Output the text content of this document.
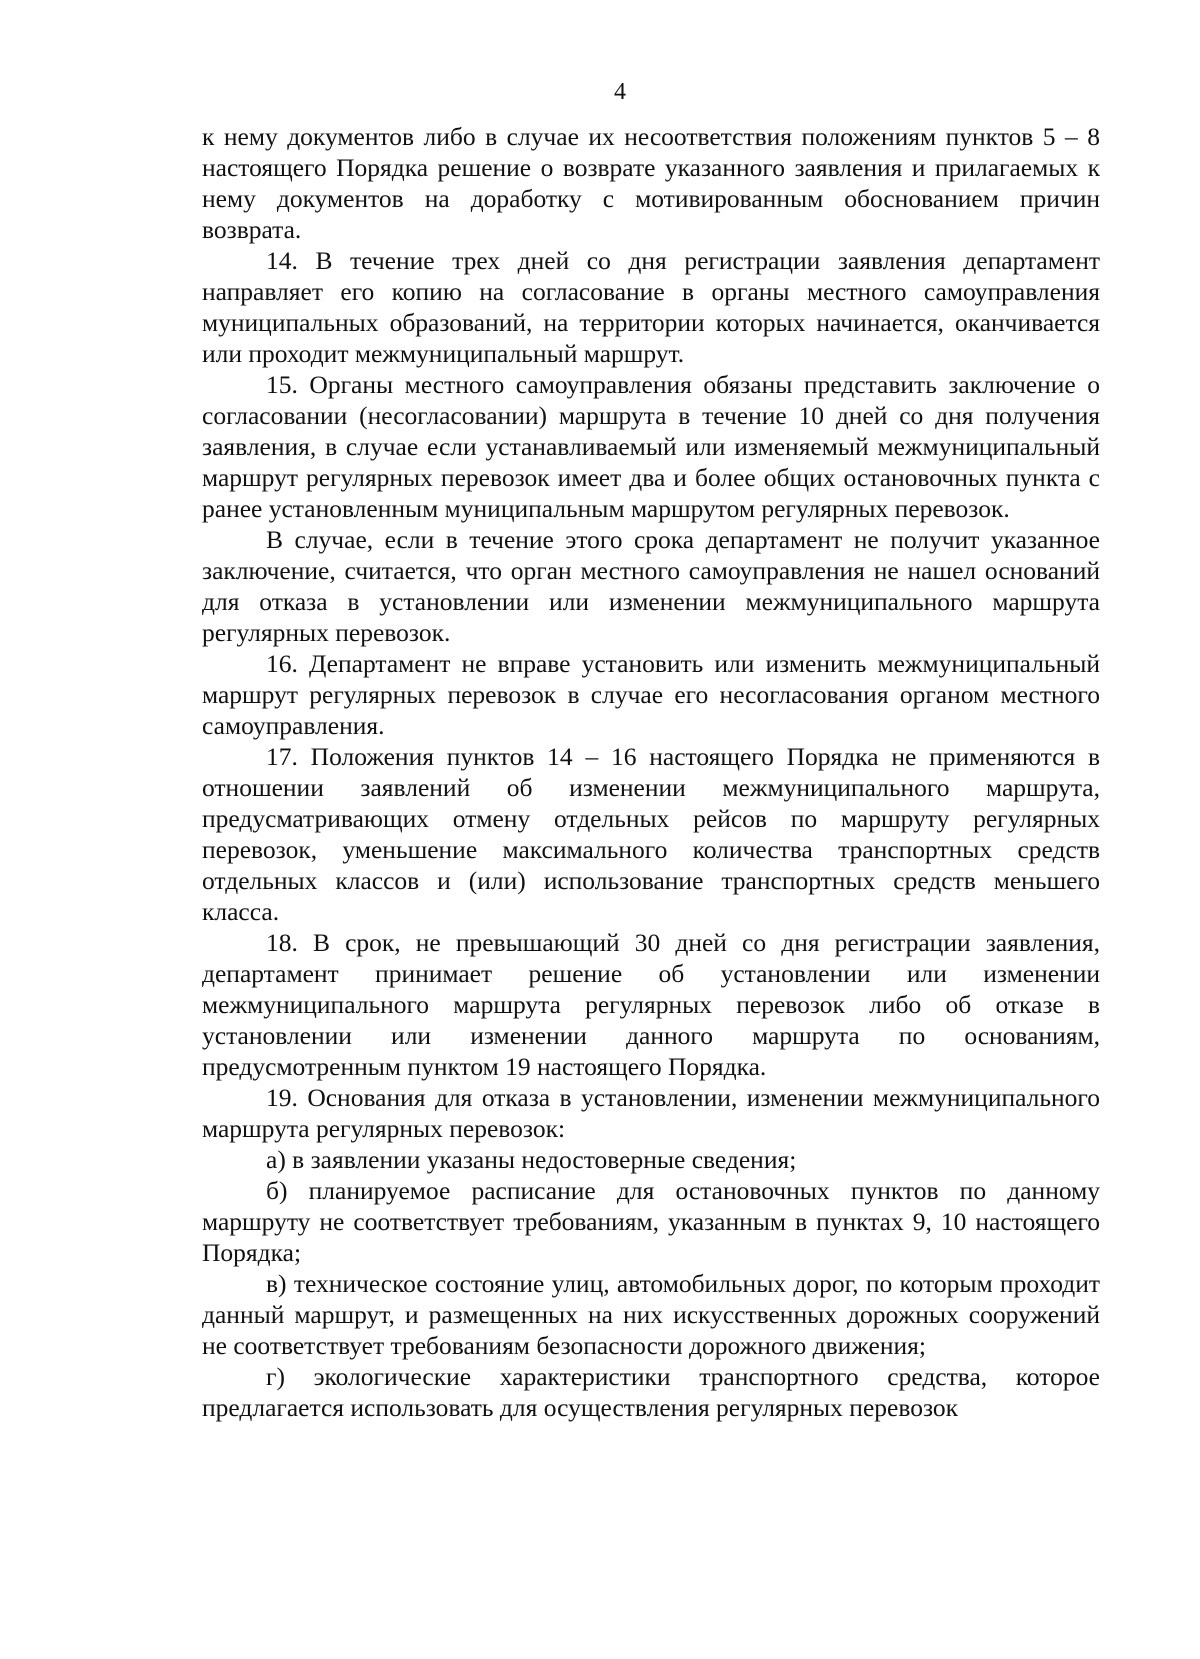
4

к нему документов либо в случае их несоответствия положениям пунктов 5 – 8 настоящего Порядка решение о возврате указанного заявления и прилагаемых к нему документов на доработку с мотивированным обоснованием причин возврата.

14. В течение трех дней со дня регистрации заявления департамент направляет его копию на согласование в органы местного самоуправления муниципальных образований, на территории которых начинается, оканчивается или проходит межмуниципальный маршрут.

15. Органы местного самоуправления обязаны представить заключение о согласовании (несогласовании) маршрута в течение 10 дней со дня получения заявления, в случае если устанавливаемый или изменяемый межмуниципальный маршрут регулярных перевозок имеет два и более общих остановочных пункта с ранее установленным муниципальным маршрутом регулярных перевозок.

В случае, если в течение этого срока департамент не получит указанное заключение, считается, что орган местного самоуправления не нашел оснований для отказа в установлении или изменении межмуниципального маршрута регулярных перевозок.

16. Департамент не вправе установить или изменить межмуниципальный маршрут регулярных перевозок в случае его несогласования органом местного самоуправления.

17. Положения пунктов 14 – 16 настоящего Порядка не применяются в отношении заявлений об изменении межмуниципального маршрута, предусматривающих отмену отдельных рейсов по маршруту регулярных перевозок, уменьшение максимального количества транспортных средств отдельных классов и (или) использование транспортных средств меньшего класса.

18. В срок, не превышающий 30 дней со дня регистрации заявления, департамент принимает решение об установлении или изменении межмуниципального маршрута регулярных перевозок либо об отказе в установлении или изменении данного маршрута по основаниям, предусмотренным пунктом 19 настоящего Порядка.

19. Основания для отказа в установлении, изменении межмуниципального маршрута регулярных перевозок:

а) в заявлении указаны недостоверные сведения;

б) планируемое расписание для остановочных пунктов по данному маршруту не соответствует требованиям, указанным в пунктах 9, 10 настоящего Порядка;

в) техническое состояние улиц, автомобильных дорог, по которым проходит данный маршрут, и размещенных на них искусственных дорожных сооружений не соответствует требованиям безопасности дорожного движения;

г) экологические характеристики транспортного средства, которое предлагается использовать для осуществления регулярных перевозок
